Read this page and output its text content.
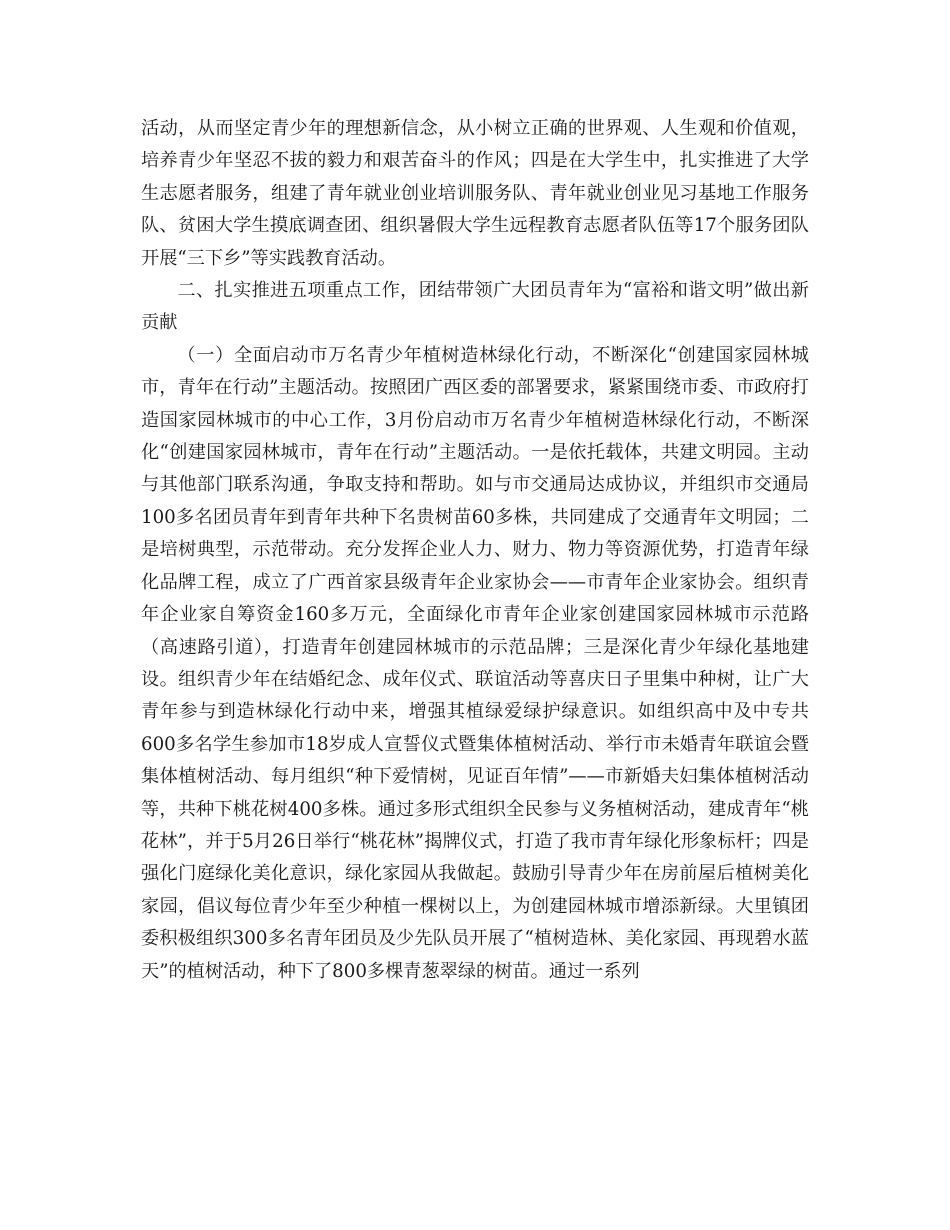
活动，从而坚定青少年的理想新信念，从小树立正确的世界观、人生观和价值观，培养青少年坚忍不拔的毅力和艰苦奋斗的作风；四是在大学生中，扎实推进了大学生志愿者服务，组建了青年就业创业培训服务队、青年就业创业见习基地工作服务队、贫困大学生摸底调查团、组织暑假大学生远程教育志愿者队伍等17个服务团队开展“三下乡”等实践教育活动。

二、扎实推进五项重点工作，团结带领广大团员青年为“富裕和谐文明”做出新贡献

（一）全面启动市万名青少年植树造林绿化行动，不断深化“创建国家园林城市，青年在行动”主题活动。按照团广西区委的部署要求，紧紧围绕市委、市政府打造国家园林城市的中心工作，3月份启动市万名青少年植树造林绿化行动，不断深化“创建国家园林城市，青年在行动”主题活动。一是依托载体，共建文明园。主动与其他部门联系沟通，争取支持和帮助。如与市交通局达成协议，并组织市交通局100多名团员青年到青年共种下名贵树苗60多株，共同建成了交通青年文明园；二是培树典型，示范带动。充分发挥企业人力、财力、物力等资源优势，打造青年绿化品牌工程，成立了广西首家县级青年企业家协会——市青年企业家协会。组织青年企业家自筹资金160多万元，全面绿化市青年企业家创建国家园林城市示范路（高速路引道），打造青年创建园林城市的示范品牌；三是深化青少年绿化基地建设。组织青少年在结婚纪念、成年仪式、联谊活动等喜庆日子里集中种树，让广大青年参与到造林绿化行动中来，增强其植绿爱绿护绿意识。如组织高中及中专共600多名学生参加市18岁成人宣誓仪式暨集体植树活动、举行市未婚青年联谊会暨集体植树活动、每月组织“种下爱情树，见证百年情”——市新婚夫妇集体植树活动等，共种下桃花树400多株。通过多形式组织全民参与义务植树活动，建成青年“桃花林”，并于5月26日举行“桃花林”揭牌仪式，打造了我市青年绿化形象标杆；四是强化门庭绿化美化意识，绿化家园从我做起。鼓励引导青少年在房前屋后植树美化家园，倡议每位青少年至少种植一棵树以上，为创建园林城市增添新绿。大里镇团委积极组织300多名青年团员及少先队员开展了“植树造林、美化家园、再现碧水蓝天”的植树活动，种下了800多棵青葱翠绿的树苗。通过一系列
